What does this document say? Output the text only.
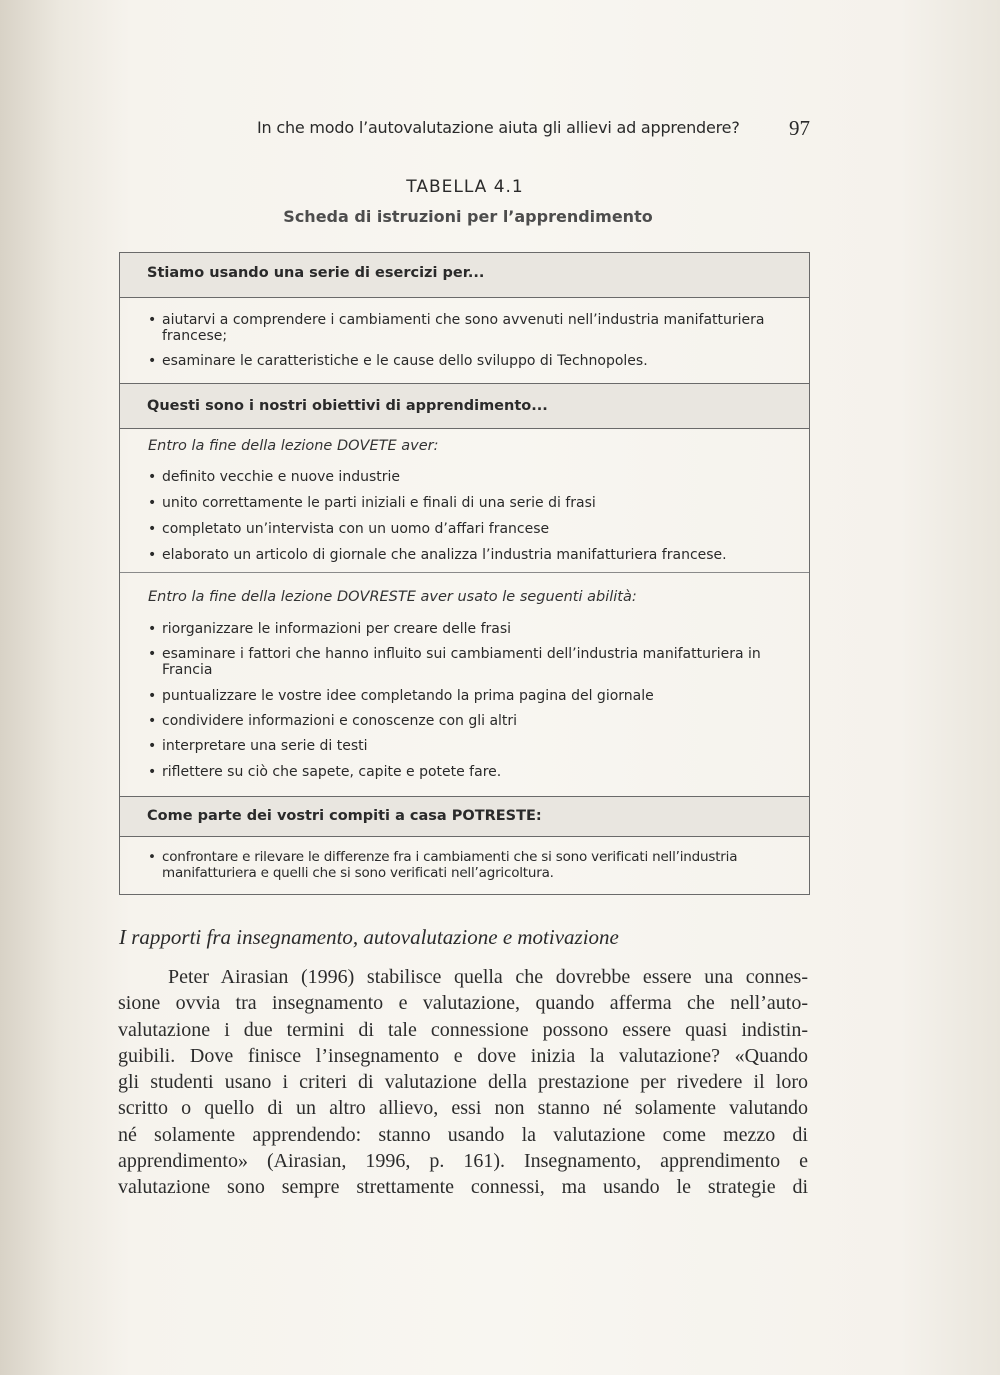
In che modo l’autovalutazione aiuta gli allievi ad apprendere?	97
TABELLA 4.1
Scheda di istruzioni per l’apprendimento
Stiamo usando una serie di esercizi per...
• aiutarvi a comprendere i cambiamenti che sono avvenuti nell’industria manifatturiera francese;
• esaminare le caratteristiche e le cause dello sviluppo di Technopoles.
Questi sono i nostri obiettivi di apprendimento...
Entro la fine della lezione DOVETE aver:
• definito vecchie e nuove industrie
• unito correttamente le parti iniziali e finali di una serie di frasi
• completato un’intervista con un uomo d’affari francese
• elaborato un articolo di giornale che analizza l’industria manifatturiera francese.
Entro la fine della lezione DOVRESTE aver usato le seguenti abilità:
• riorganizzare le informazioni per creare delle frasi
• esaminare i fattori che hanno influito sui cambiamenti dell’industria manifatturiera in Francia
• puntualizzare le vostre idee completando la prima pagina del giornale
• condividere informazioni e conoscenze con gli altri
• interpretare una serie di testi
• riflettere su ciò che sapete, capite e potete fare.
Come parte dei vostri compiti a casa POTRESTE:
• confrontare e rilevare le differenze fra i cambiamenti che si sono verificati nell’industria manifatturiera e quelli che si sono verificati nell’agricoltura.
I rapporti fra insegnamento, autovalutazione e motivazione
Peter Airasian (1996) stabilisce quella che dovrebbe essere una connes-
sione ovvia tra insegnamento e valutazione, quando afferma che nell’auto-
valutazione i due termini di tale connessione possono essere quasi indistin-
guibili. Dove finisce l’insegnamento e dove inizia la valutazione? «Quando
gli studenti usano i criteri di valutazione della prestazione per rivedere il loro
scritto o quello di un altro allievo, essi non stanno né solamente valutando
né solamente apprendendo: stanno usando la valutazione come mezzo di
apprendimento» (Airasian, 1996, p. 161). Insegnamento, apprendimento e
valutazione sono sempre strettamente connessi, ma usando le strategie di
